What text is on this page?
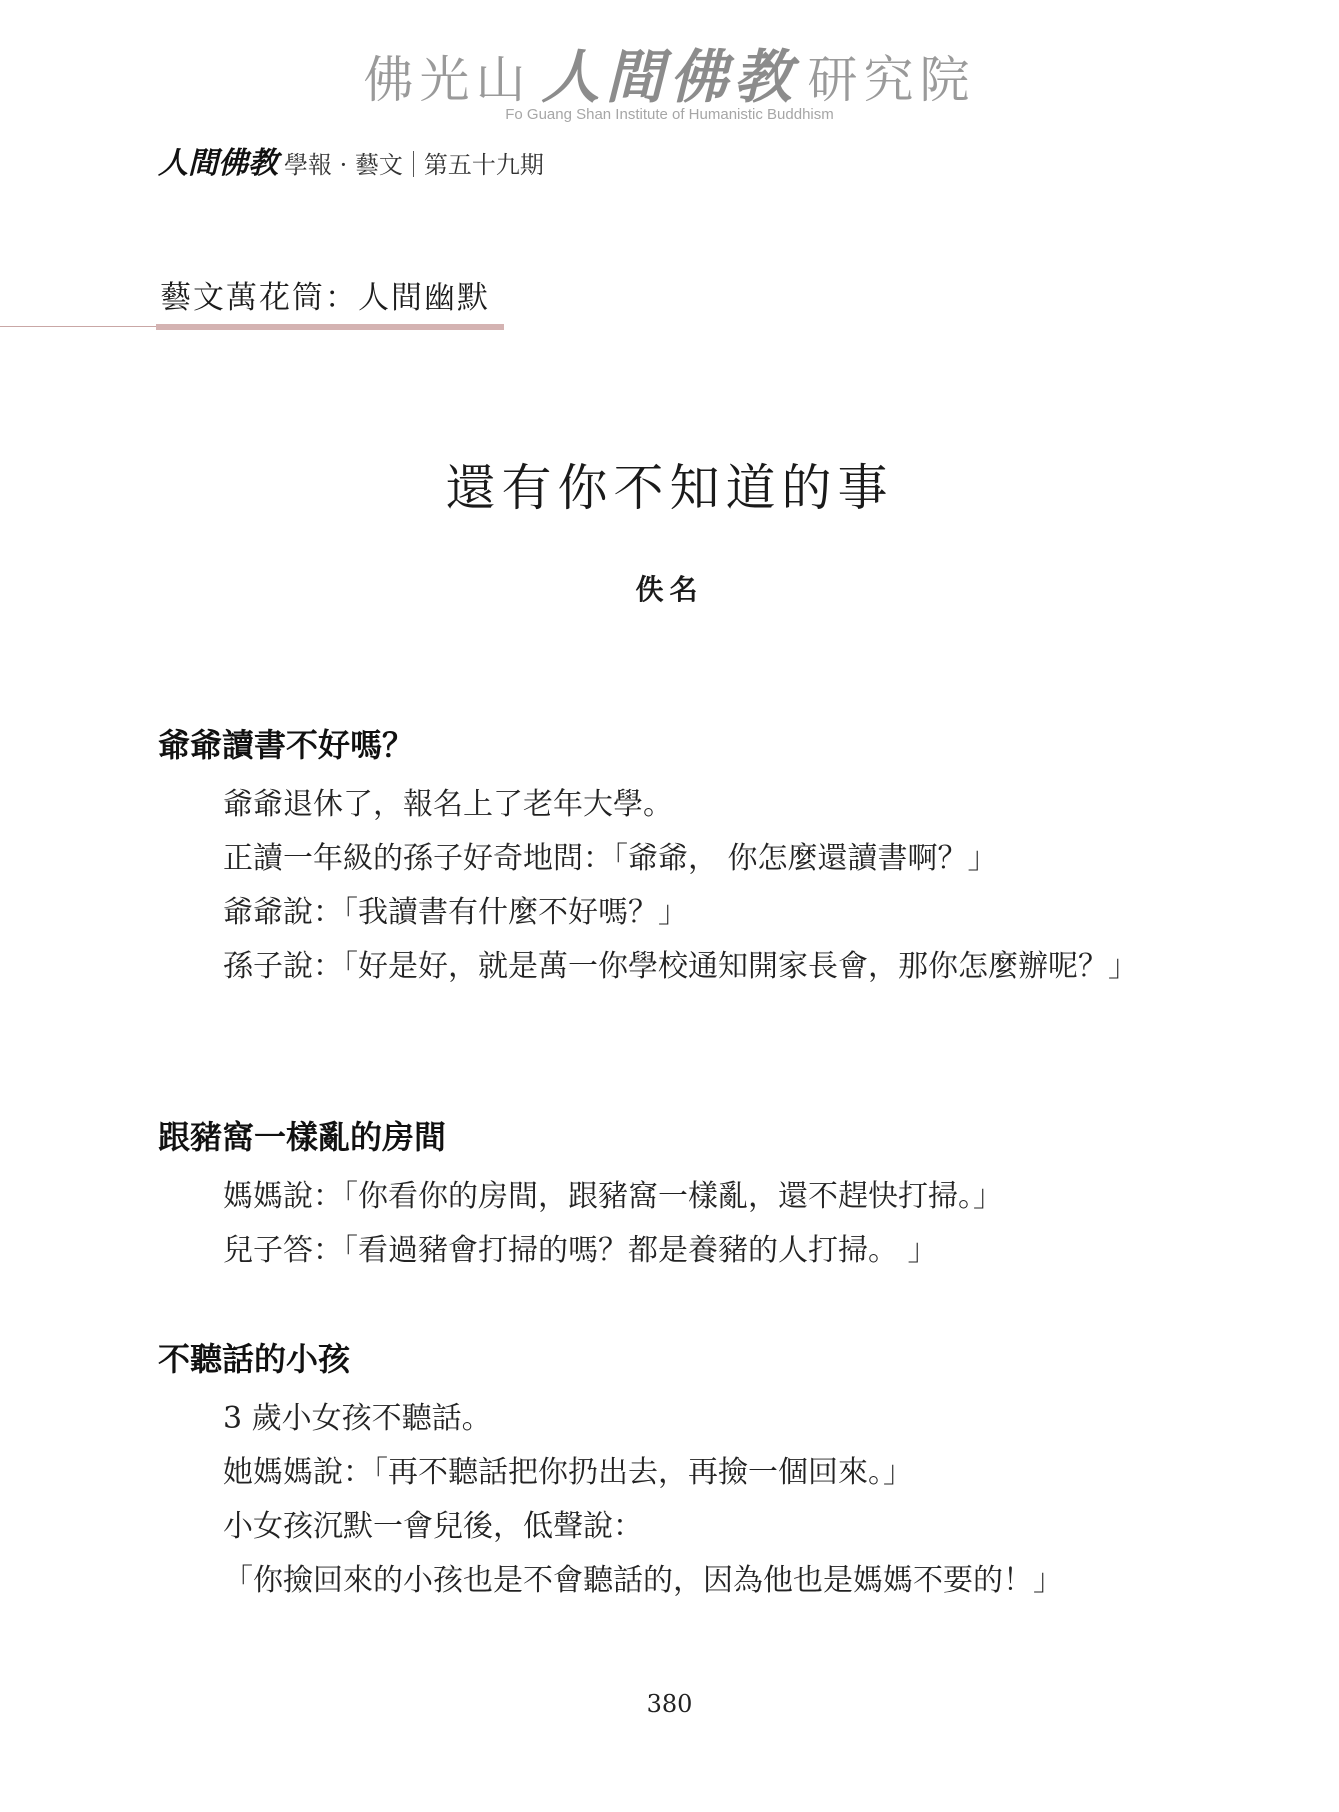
佛光山 人間佛教 研究院
Fo Guang Shan Institute of Humanistic Buddhism
人間佛教 學報 · 藝文 第五十九期
藝文萬花筒：人間幽默
還有你不知道的事
佚名
爺爺讀書不好嗎？

爺爺退休了，報名上了老年大學。

正讀一年級的孫子好奇地問：「爺爺， 你怎麼還讀書啊？」

爺爺說：「我讀書有什麼不好嗎？」

孫子說：「好是好，就是萬一你學校通知開家長會，那你怎麼辦呢？」

跟豬窩一樣亂的房間

媽媽說：「你看你的房間，跟豬窩一樣亂，還不趕快打掃。」

兒子答：「看過豬會打掃的嗎？都是養豬的人打掃。 」

不聽話的小孩

3 歲小女孩不聽話。

她媽媽說：「再不聽話把你扔出去，再撿一個回來。」

小女孩沉默一會兒後，低聲說：

「你撿回來的小孩也是不會聽話的，因為他也是媽媽不要的！」

380
